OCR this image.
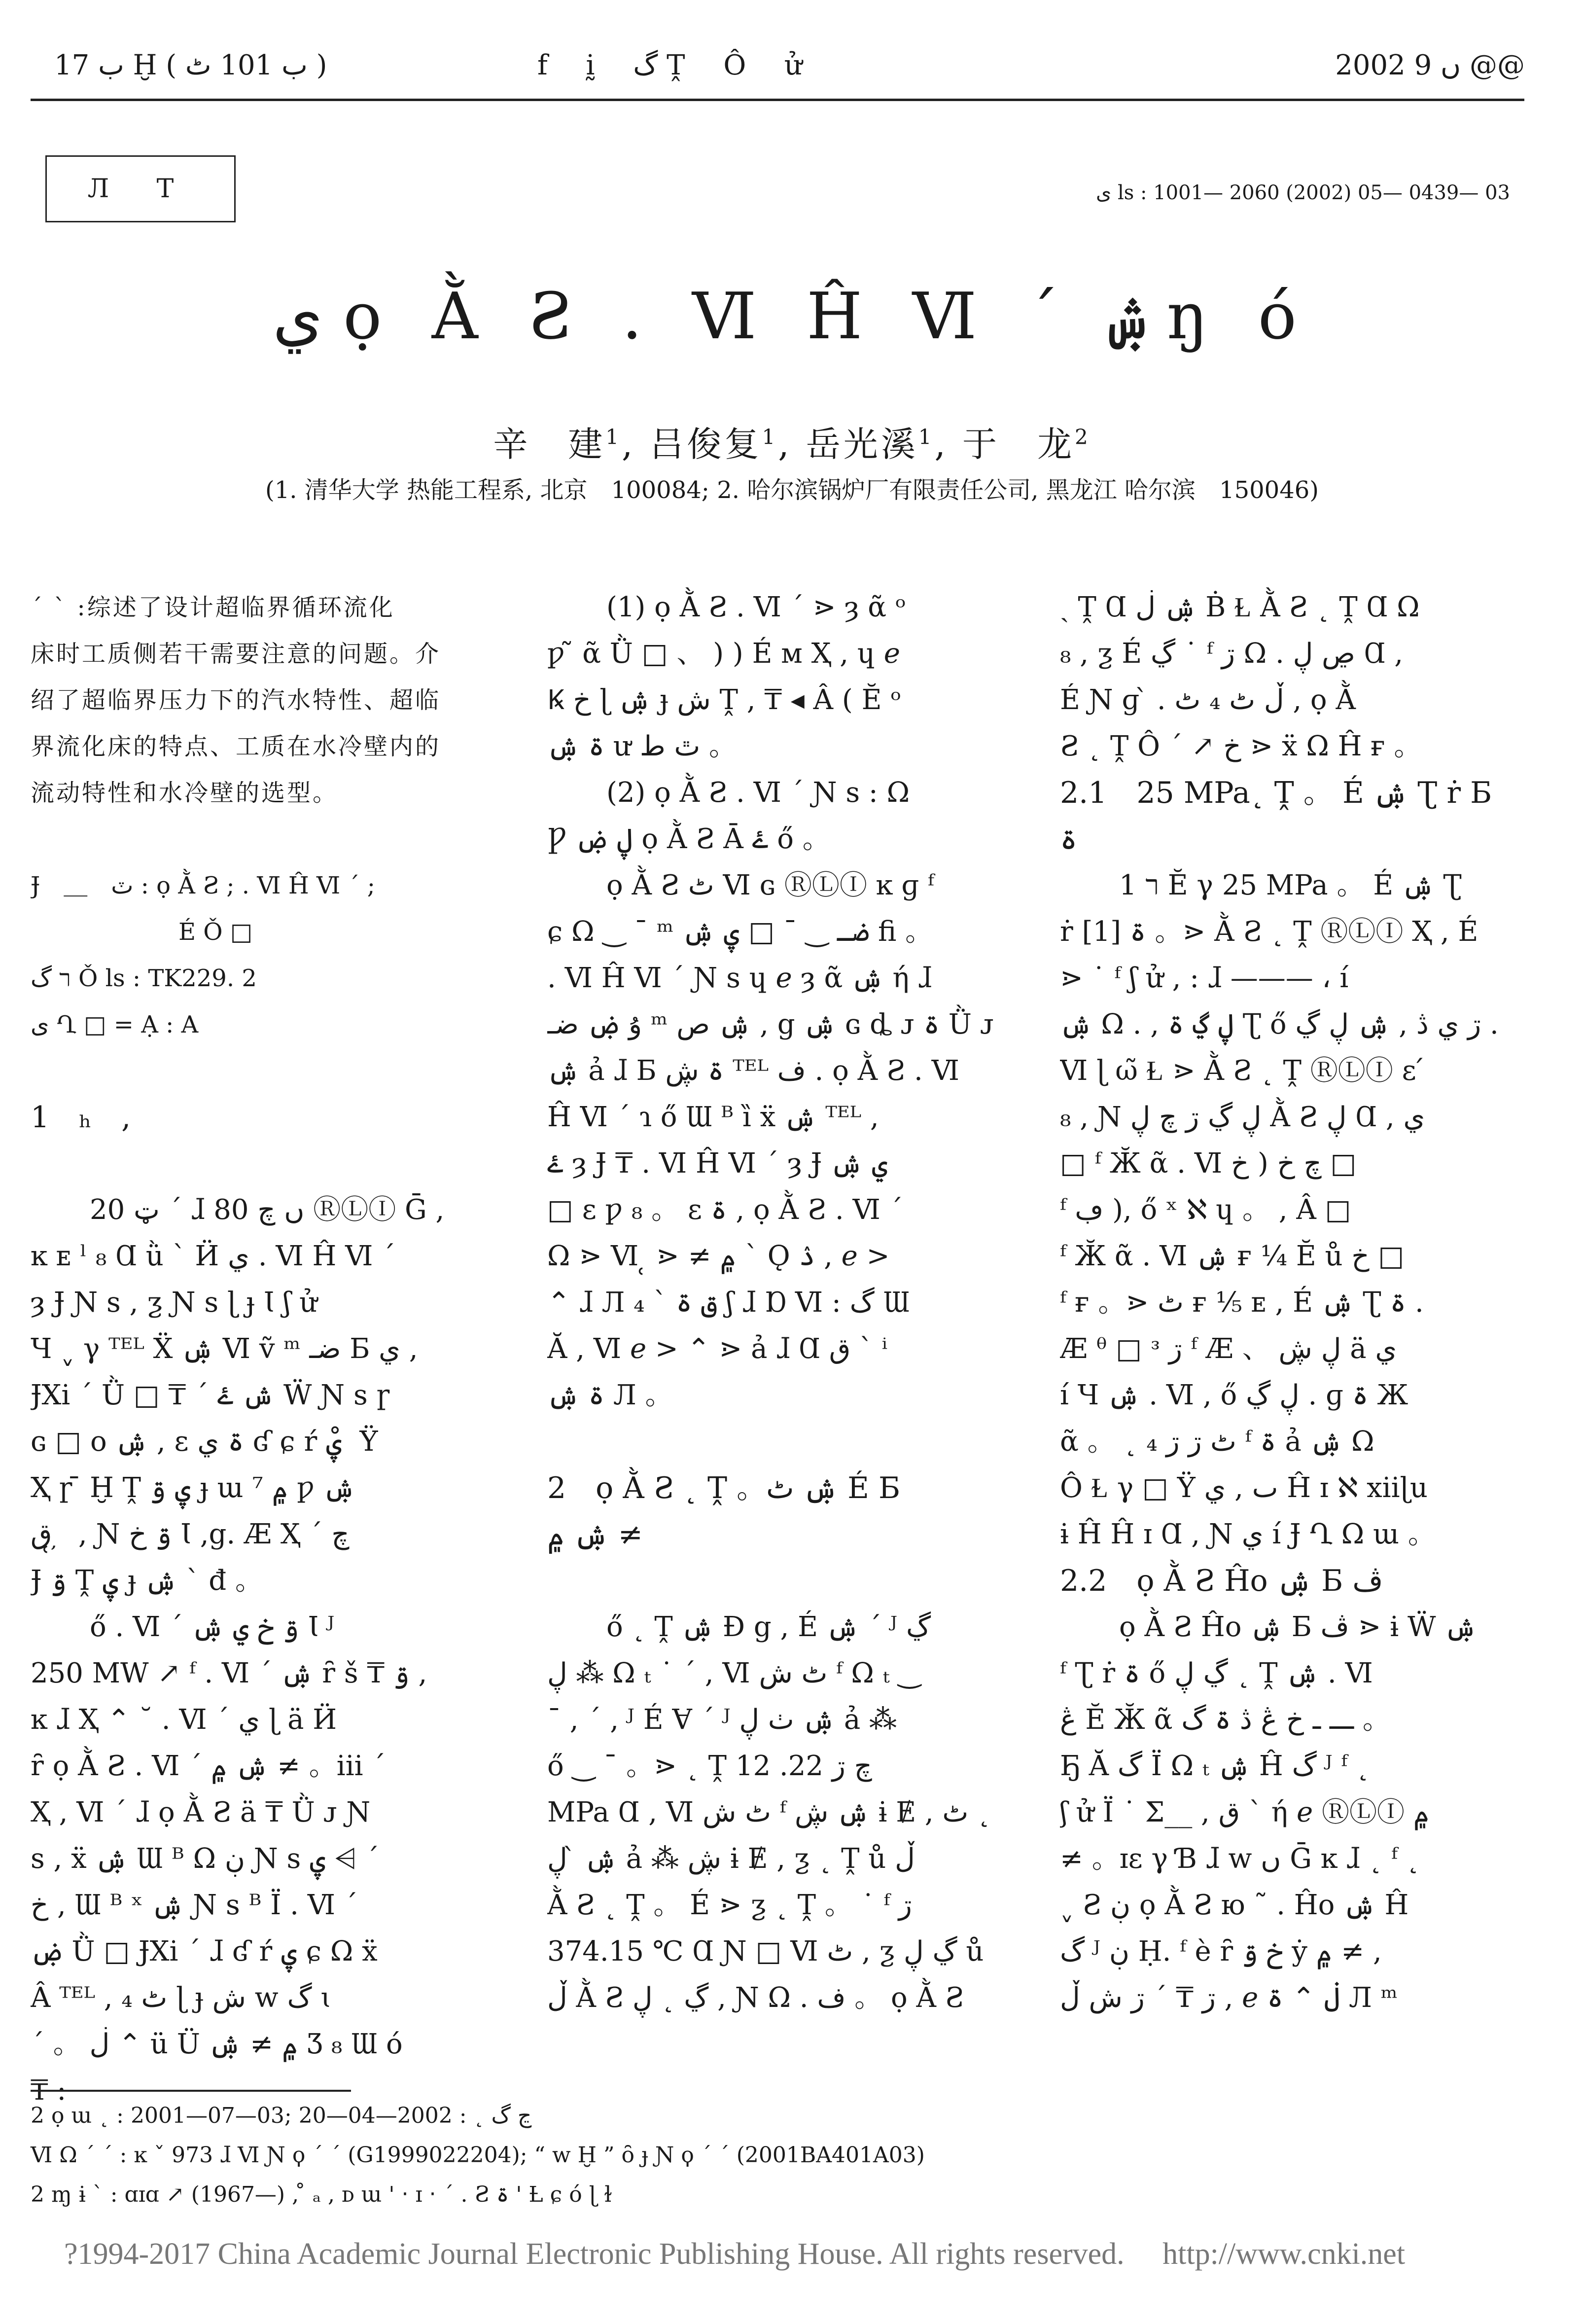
ب 17 Ḫ ( ب 101 ٹ )	f ḭ گ Ṱ Ô ử	2002 ں 9 @@
Л Т	ی ls : 1001— 2060 (2002) 05— 0439— 03
ي ọ Ằ Ƨ . Ⅵ Ĥ Ⅵ ˊ ۺ ŋ ó
辛　建$^1$, 吕俊复$^1$, 岳光溪$^1$, 于　龙$^2$
(1. 清华大学 热能工程系, 北京　100084; 2. 哈尔滨锅炉厂有限责任公司, 黑龙江 哈尔滨　150046)
ˊ ˋ :综述了设计超临界循环流化
床时工质侧若干需要注意的问题。介
绍了超临界压力下的汽水特性、超临
界流化床的特点、工质在水冷壁内的
流动特性和水冷壁的选型。
Ɉ　＿　ٽ : ọ Ằ Ƨ ; . Ⅵ Ĥ Ⅵ ˊ ;
É Ǒ □
ר گ Ǒ ls : TK229. 2
ی Ղ □ = Ạ : A
1　ₕ　,
ټ 20 ˊ ɺ 80 ں چ ⓇⓁⒾ Ḡ ,
ĸ ᴇ ˡ ₈ Ɑ ǜ ˋ Ӥ ي . Ⅵ Ĥ Ⅵ ˊ
ȝ Ɉ Ɲ s , ƺ Ɲ s ɭ ɟ Ɩ ʃ ử
Ч ˬ γ ᵀᴱᴸ Ẍ ۺ Ⅵ ṽ ᵐ ضـ Б ي ,
ɈXi ˊ Ǜ □ ₸ ˊ ش ۓ Ẅ Ɲ s ɼ
ɢ □ o ۺ , ε ۃ ي ʛ ɕ ŕ ۑ ̊ Ÿ
Ҳ ɼ ̄ Ḫ Ṱ ۑ ۊ ɟ ɯ ⁷ ۾ ƿ ۺ
ق ̜ ̦ , Ɲ ۊ خ Ɩ ,g. Æ Ҳ ˊ چ
Ɉ ۊ Ṱ ۑ ɟ ۺ ˋ đ 。
ő . Ⅵ ˊ ۊ خ ي ۺ Ɩ ᴶ
250 MW ↗ ᶠ . Ⅵ ˊ ۺ ȓ š ₸ ۊ ,
ĸ ɺ Ҳ ⌃ ˘ . Ⅵ ˊ ي ɭ ä Ӥ
ȓ ọ Ằ Ƨ . Ⅵ ˊ ۺ ۾ ≠ 。iii ˊ
Ҳ , Ⅵ ˊ ɺ ọ Ằ Ƨ ä ₸ Ǜ ᴊ Ɲ
s , ẍ ۺ Ɯ ᴮ Ω ڹ Ɲ s ۑ ⩤ ˊ
خ , Ɯ ᴮ ˣ ۺ Ɲ s ᴮ Ϊ . Ⅵ ˊ
ۻ Ǜ □ ɈXi ˊ ɺ ʛ ŕ ۑ ɕ Ω ẍ
Â ᵀᴱᴸ , ₄ ٹ ɭ ɟ ش w گ ɩ
ˊ 。 ڶ ⌃ ü Ü ۾ ≠ ۺ Ʒ ₈ Ɯ ó
₸ :
(1) ọ Ằ Ƨ . Ⅵ ˊ ⋗ ȝ ᾶ ᵒ
ƿ ̃ ᾶ Ǜ □ 、 ) ) É ᴍ Ҳ , ɥ ℯ
Ꝃ خ ɭ ۺ ɟ ش Ṱ , ₸ ◂ Â ( Ĕ ᵒ
ۃ ۺ ư ٿ ط 。
(2) ọ Ằ Ƨ . Ⅵ ˊ Ɲ s : Ω
Ƿ ڸ ۻ ọ Ằ Ƨ Ā ۓ ő 。
ọ Ằ Ƨ ٹ Ⅵ ɢ ⓇⓁⒾ ĸ ɡ ᶠ
ɕ Ω ‿ ˉ ᵐ ضـ ‿ ˉ □ ۑ ۺ ﬁ 。
. Ⅵ Ĥ Ⅵ ˊ Ɲ s ɥ ℯ ȝ ᾶ ۺ ή ɺ
ۇ ۻ ضـ ᵐ ۺ ص , g ۺ ɢ ȡ ᴊ ۃ Ǜ ᴊ
ۺ ả ɺ Б ۃ ڜ ᵀᴱᴸ ف . ọ Ằ Ƨ . Ⅵ
Ĥ Ⅵ ˊ ɿ ő Ɯ ᴮ ȉ ẍ ۺ ᵀᴱᴸ ,
ۓ ȝ Ɉ ₸ . Ⅵ Ĥ Ⅵ ˊ ȝ Ɉ ي ۺ
□ ε ƿ ₈ 。 ε ۃ , ọ Ằ Ƨ . Ⅵ ˊ
Ω ⋗ Ⅵ ̜ ⋗ ≠ ۾ ˋ Ǫ ۮ , ℯ >
⌃ ɺ Л ق ۃ ˋ ₄ ʃ ɺ Ɒ Ⅵ : گ Ɯ
Ă , Ⅵ ℯ > ⌃ ⋗ ả ɺ Ɑ ق ˋ ⁱ
ۃ ۺ Л 。
2　ọ Ằ Ƨ ˛ Ṱ 。ۺ ٹ É Б
ۺ ۾ ≠
ő ˛ Ṱ ۺ Ɖ g , É ۺ ˊ ᴶ ڲ
ڸ ⁂ Ω ₜ ˙ ˊ , Ⅵ ٹ ش ᶠ Ω ₜ ‿
ˉ , ˊ , ᴶ É Ɐ ˊ ᴶ ۺ ٺ ڸ ả ⁂
ő ‿ ˉ 。⋗ ˛ Ṱ چ ڗ 22. 12
MPa Ɑ , Ⅵ ٹ ش ᶠ ۺ ڜ ɨ Ɇ , ٹ ˛
ۺ ̀ ڸ ả ⁂ ڜ ɨ Ɇ , ƺ ˛ Ṱ ů ڵ
Ằ Ƨ ˛ Ṱ 。 É ⋗ ƺ ˛ Ṱ 。 ˙ ᶠ ڗ
374.15 ℃ Ɑ Ɲ □ Ⅵ ٹ , ƺ ڲ ڸ ů
ڵ Ằ Ƨ ڲ ˛ ڸ , Ɲ Ω . ف 。 ọ Ằ Ƨ
ˏ Ṱ Ɑ ۺ ڶ Ḃ Ɫ Ằ Ƨ ˛ Ṱ Ɑ Ω
₈ , ƺ É ڲ ˙ ᶠ ڗ Ω . ڝ ڸ Ɑ ,
É Ɲ ɡ ̀ . ڵ ٹ ₄ ٹ , ọ Ằ
Ƨ ˛ Ṱ Ô ˊ ↗ خ ⋗ ẍ Ω Ĥ ғ 。
2.1　25 MPa˛ Ṱ 。 É ۺ Ʈ ṙ Б
ۃ
ר 1 Ĕ γ 25 MPa 。 É ۺ Ʈ
ṙ ۃ [1] 。⋗ Ằ Ƨ ˛ Ṱ ⓇⓁⒾ Ҳ , É
⋗ ˙ ᶠ ʃ ử , : ɺ ——— ، í
ۺ Ω . , ڸ ڲ ۃ Ʈ ő ڗ ي ڎ , ۺ ڸ ڲ .
Ⅵ ɭ ω̃ Ɫ ⋗ Ằ Ƨ ˛ Ṱ ⓇⓁⒾ ε ́
₈ , Ɲ ڸ ڲ ڗ چ ڸ Ằ Ƨ ڸ Ɑ , ي
□ ᶠ Ӂ ᾶ . Ⅵ چ خ ( خ □
ᶠ ڢ ), ő ˣ ℵ ɥ 。 , Â □
ᶠ Ӂ ᾶ . Ⅵ ۺ ғ ⅟₄ Ĕ ů خ □
ᶠ ғ 。⋗ ٹ ғ ⅟₅ ᴇ , É ۺ Ʈ ۃ .
Æ ᶿ □ ᶟ ڗ ᶠ Æ 、 ڸ ڜ ä ي
í Ч ۺ . Ⅵ , ő ڸ ڲ . ɡ ۃ Ж
ᾶ 。 ˛ ₄ ٹ ڗ ڗ ᶠ ۃ ả ۺ Ω
Ô Ɫ γ □ Ÿ ٮ , ي Ĥ ɪ ℵ xiiɭu
ɨ Ĥ Ĥ ɪ Ɑ , Ɲ ي í Ɉ Ղ Ω ɯ 。
2.2　ọ Ằ Ƨ Ĥo ۺ Б ڤ
ọ Ằ Ƨ Ĥo ۺ Б ڤ ⋗ ɨ Ẅ ۺ
ᶠ Ʈ ṙ ۃ ő ڲ ڸ ˛ Ṱ ۺ . Ⅵ
ڠ Ĕ Ӂ ᾶ ـــ ـ خ ڠ ڎ ۃ گ 。
Ҕ Ă گ Ϊ Ω ₜ ۺ Ĥ گ ᴶ ᶠ ˛
ʃ ử Ï ˙ Σ__ , ق ˋ ή ℯ ⓇⓁⒾ ۾
≠ 。ɪɛ γ Ɓ ɺ w ں Ḡ ĸ ɺ ˛ ᶠ ˛
ˬ Ƨ ڹ ọ Ằ Ƨ ю ˜ . Ĥo ۺ Ĥ
گ ᴶ ڹ Ḥ. ᶠ è ȓ خ ۊ ẏ ۾ ≠ ,
ڗ ₸ ˊ ڗ ش ڵ , ℯ ڶ ⌃ ۃ Л ᵐ
2 ọ ɯ ˛ : 2001—07—03; ڃ گ ˛ : 2002—04—20
Ⅵ Ω ˊ ˊ : ĸ ˇ 973 ɺ Ⅵ Ɲ ϙ ˊ ˊ (G1999022204); “ w Ḫ ” ȏ ɟ Ɲ ϙ ˊ ˊ (2001BA401A03)
2 ɱ ɨ ˋ : ɑɪɑ ↗ (1967—) , ̊ ₐ , ᴅ ɯ ' ‧ ɪ ‧ ˊ . Ƨ ۃ ' Ƚ ɕ ó ɭ ɫ
?1994-2017 China Academic Journal Electronic Publishing House. All rights reserved.　 http://www.cnki.net
